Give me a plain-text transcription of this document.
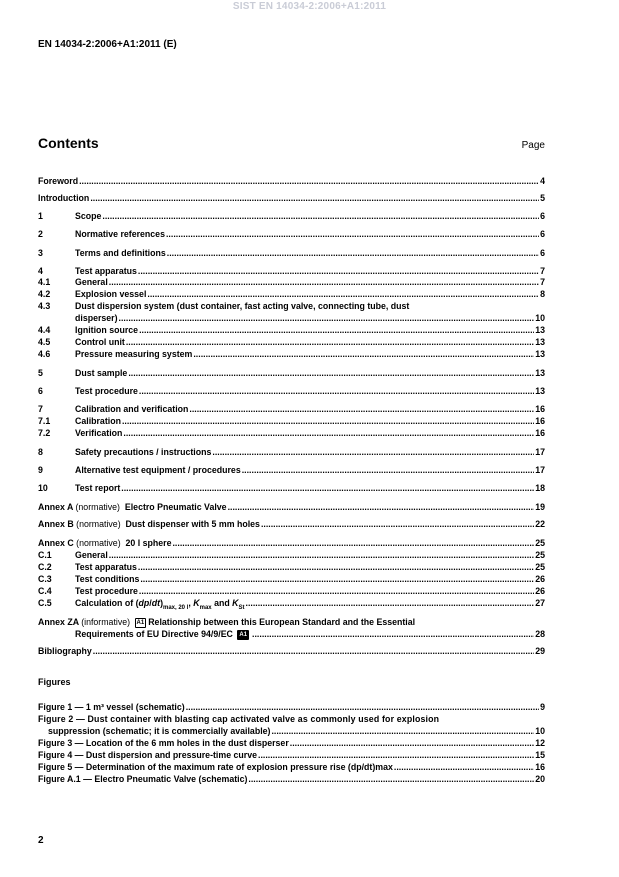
SIST EN 14034-2:2006+A1:2011
EN 14034-2:2006+A1:2011 (E)
Contents	Page
Foreword .....	4
Introduction .....	5
1	Scope .....	6
2	Normative references .....	6
3	Terms and definitions .....	6
4	Test apparatus .....	7
4.1	General .....	7
4.2	Explosion vessel .....	8
4.3	Dust dispersion system (dust container, fast acting valve, connecting tube, dust
disperser) .....	10
4.4	Ignition source .....	13
4.5	Control unit .....	13
4.6	Pressure measuring system .....	13
5	Dust sample .....	13
6	Test procedure .....	13
7	Calibration and verification .....	16
7.1	Calibration .....	16
7.2	Verification .....	16
8	Safety precautions / instructions .....	17
9	Alternative test equipment / procedures .....	17
10	Test report .....	18
Annex A (normative) Electro Pneumatic Valve .....	19
Annex B (normative) Dust dispenser with 5 mm holes .....	22
Annex C (normative) 20 l sphere .....	25
C.1	General .....	25
C.2	Test apparatus .....	25
C.3	Test conditions .....	26
C.4	Test procedure .....	26
C.5	Calculation of $(dp/dt)_{max, 20 l}$, $K_{max}$ and $K_{St}$ .....	27
Annex ZA (informative) A1 Relationship between this European Standard and the Essential
Requirements of EU Directive 94/9/EC A1 .....	28
Bibliography .....	29
Figures
Figure 1 — 1 m³ vessel (schematic) .....	9
Figure 2 — Dust container with blasting cap activated valve as commonly used for explosion
suppression (schematic; it is commercially available) .....	10
Figure 3 — Location of the 6 mm holes in the dust disperser .....	12
Figure 4 — Dust dispersion and pressure-time curve .....	15
Figure 5 — Determination of the maximum rate of explosion pressure rise (dp/dt)max .....	16
Figure A.1 — Electro Pneumatic Valve (schematic) .....	20
2
